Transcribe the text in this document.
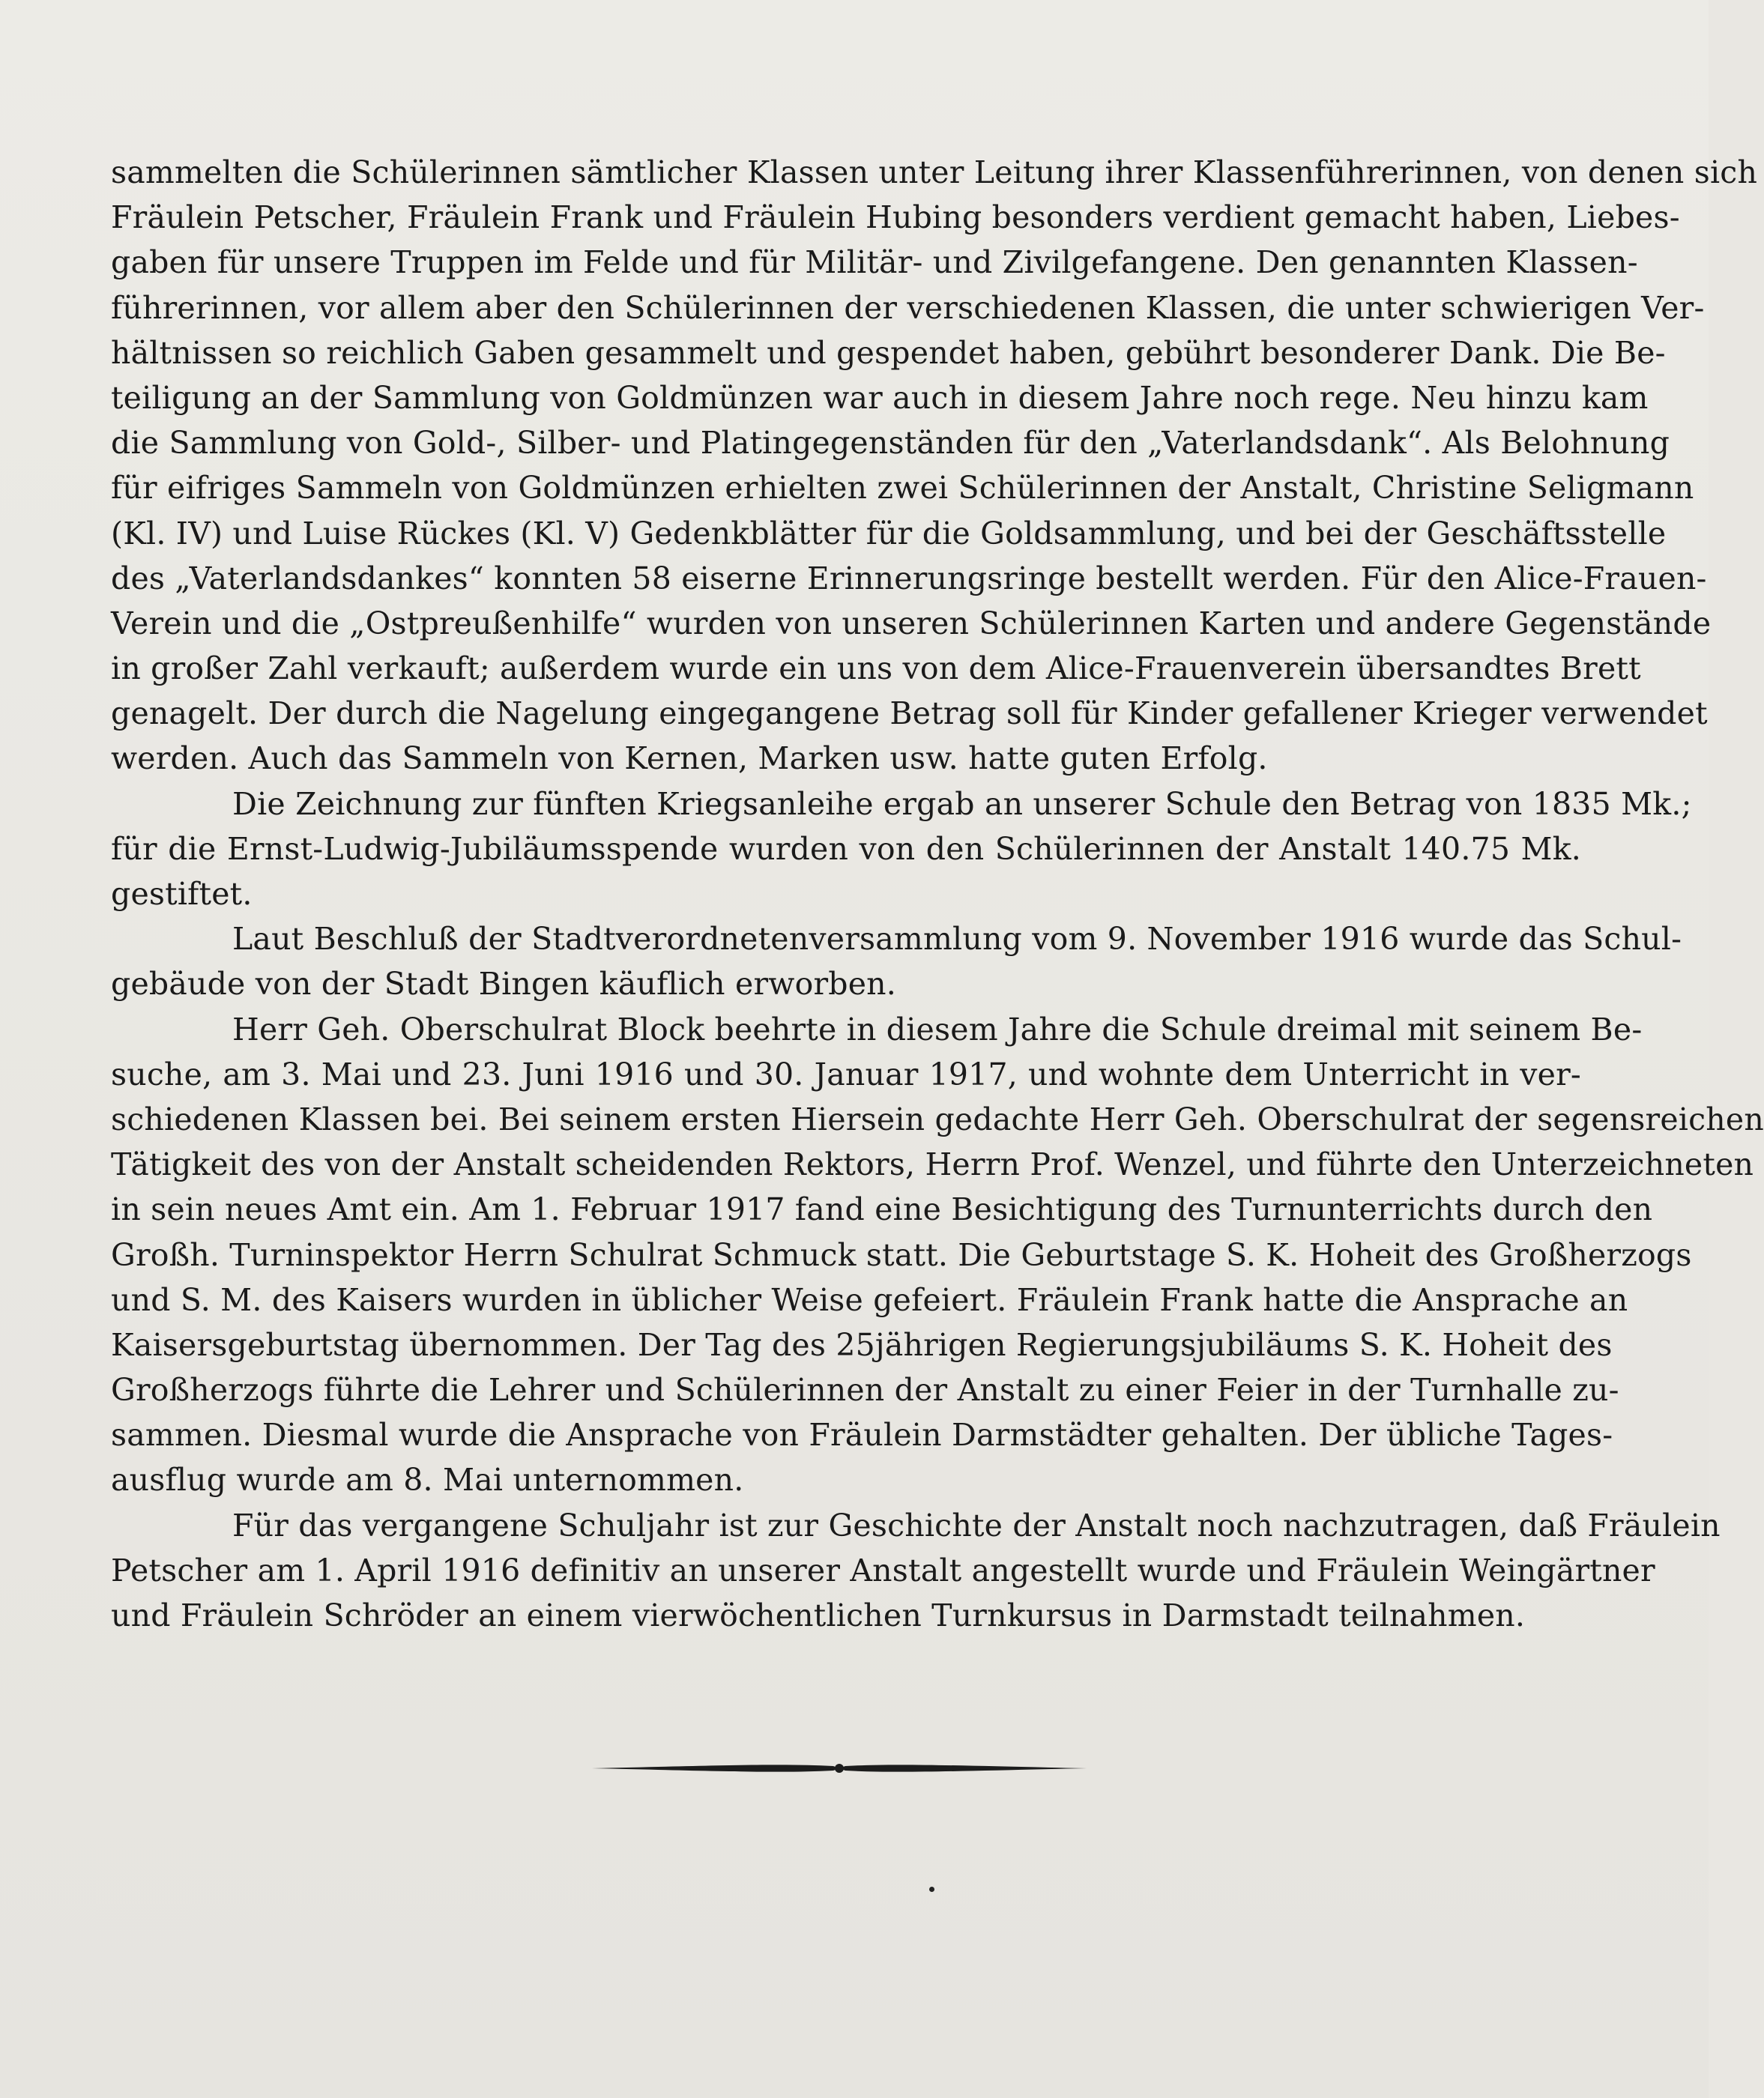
sammelten die Schülerinnen sämtlicher Klassen unter Leitung ihrer Klassenführerinnen, von denen sich
Fräulein Petscher, Fräulein Frank und Fräulein Hubing besonders verdient gemacht haben, Liebes-
gaben für unsere Truppen im Felde und für Militär- und Zivilgefangene. Den genannten Klassen-
führerinnen, vor allem aber den Schülerinnen der verschiedenen Klassen, die unter schwierigen Ver-
hältnissen so reichlich Gaben gesammelt und gespendet haben, gebührt besonderer Dank. Die Be-
teiligung an der Sammlung von Goldmünzen war auch in diesem Jahre noch rege. Neu hinzu kam
die Sammlung von Gold-, Silber- und Platingegenständen für den „Vaterlandsdank“. Als Belohnung
für eifriges Sammeln von Goldmünzen erhielten zwei Schülerinnen der Anstalt, Christine Seligmann
(Kl. IV) und Luise Rückes (Kl. V) Gedenkblätter für die Goldsammlung, und bei der Geschäftsstelle
des „Vaterlandsdankes“ konnten 58 eiserne Erinnerungsringe bestellt werden. Für den Alice-Frauen-
Verein und die „Ostpreußenhilfe“ wurden von unseren Schülerinnen Karten und andere Gegenstände
in großer Zahl verkauft; außerdem wurde ein uns von dem Alice-Frauenverein übersandtes Brett
genagelt. Der durch die Nagelung eingegangene Betrag soll für Kinder gefallener Krieger verwendet
werden. Auch das Sammeln von Kernen, Marken usw. hatte guten Erfolg.
Die Zeichnung zur fünften Kriegsanleihe ergab an unserer Schule den Betrag von 1835 Mk.;
für die Ernst-Ludwig-Jubiläumsspende wurden von den Schülerinnen der Anstalt 140.75 Mk.
gestiftet.
Laut Beschluß der Stadtverordnetenversammlung vom 9. November 1916 wurde das Schul-
gebäude von der Stadt Bingen käuflich erworben.
Herr Geh. Oberschulrat Block beehrte in diesem Jahre die Schule dreimal mit seinem Be-
suche, am 3. Mai und 23. Juni 1916 und 30. Januar 1917, und wohnte dem Unterricht in ver-
schiedenen Klassen bei. Bei seinem ersten Hiersein gedachte Herr Geh. Oberschulrat der segensreichen
Tätigkeit des von der Anstalt scheidenden Rektors, Herrn Prof. Wenzel, und führte den Unterzeichneten
in sein neues Amt ein. Am 1. Februar 1917 fand eine Besichtigung des Turnunterrichts durch den
Großh. Turninspektor Herrn Schulrat Schmuck statt. Die Geburtstage S. K. Hoheit des Großherzogs
und S. M. des Kaisers wurden in üblicher Weise gefeiert. Fräulein Frank hatte die Ansprache an
Kaisersgeburtstag übernommen. Der Tag des 25jährigen Regierungsjubiläums S. K. Hoheit des
Großherzogs führte die Lehrer und Schülerinnen der Anstalt zu einer Feier in der Turnhalle zu-
sammen. Diesmal wurde die Ansprache von Fräulein Darmstädter gehalten. Der übliche Tages-
ausflug wurde am 8. Mai unternommen.
Für das vergangene Schuljahr ist zur Geschichte der Anstalt noch nachzutragen, daß Fräulein
Petscher am 1. April 1916 definitiv an unserer Anstalt angestellt wurde und Fräulein Weingärtner
und Fräulein Schröder an einem vierwöchentlichen Turnkursus in Darmstadt teilnahmen.
